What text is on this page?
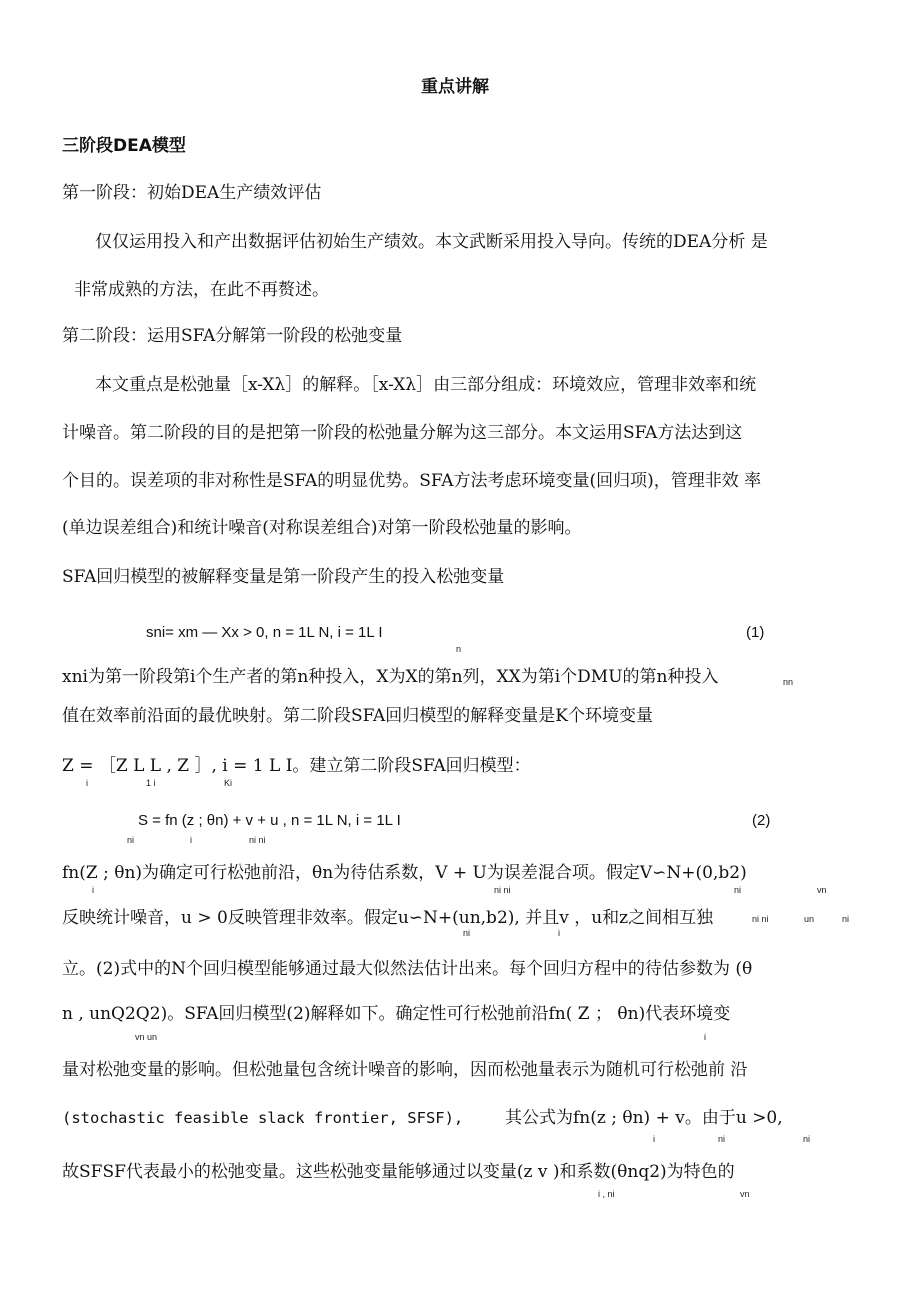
重点讲解
三阶段DEA模型
第一阶段：初始DEA生产绩效评估
仅仅运用投入和产出数据评估初始生产绩效。本文武断采用投入导向。传统的DEA分析 是
非常成熟的方法，在此不再赘述。
第二阶段：运用SFA分解第一阶段的松弛变量
本文重点是松弛量［x-Xλ］的解释。［x-Xλ］由三部分组成：环境效应，管理非效率和统
计噪音。第二阶段的目的是把第一阶段的松弛量分解为这三部分。本文运用SFA方法达到这
个目的。误差项的非对称性是SFA的明显优势。SFA方法考虑环境变量(回归项)，管理非效 率
(单边误差组合)和统计噪音(对称误差组合)对第一阶段松弛量的影响。
SFA回归模型的被解释变量是第一阶段产生的投入松弛变量
sni= xm — Xx > 0, n = 1L N, i = 1L I
n
(1)
xni为第一阶段第i个生产者的第n种投入，X为X的第n列，XX为第i个DMU的第n种投入	nn
值在效率前沿面的最优映射。第二阶段SFA回归模型的解释变量是K个环境变量
Z = ［Z L L , Z ］, i = 1 L I。建立第二阶段SFA回归模型：
i	1 i	Ki
S = fn (z ; θn) + v + u , n = 1L N, i = 1L I
ni	i	ni ni
(2)
fn(Z ; θn)为确定可行松弛前沿，θn为待估系数，V + U为误差混合项。假定V∽N+(0,b2)
i	ni ni	ni	vn
反映统计噪音，u > 0反映管理非效率。假定u∽N+(un,b2), 并且v ，u和z之间相互独
ni	i
ni ni	un	ni
立。(2)式中的N个回归模型能够通过最大似然法估计出来。每个回归方程中的待估参数为 (θ
n , unQ2Q2)。SFA回归模型(2)解释如下。确定性可行松弛前沿fn( Z ； θn)代表环境变
vn un	i
量对松弛变量的影响。但松弛量包含统计噪音的影响，因而松弛量表示为随机可行松弛前 沿
(stochastic feasible slack frontier, SFSF), 其公式为fn(z ; θn) + v。由于u >0,
i	ni	ni
故SFSF代表最小的松弛变量。这些松弛变量能够通过以变量(z v )和系数(θnq2)为特色的
i , ni	vn
